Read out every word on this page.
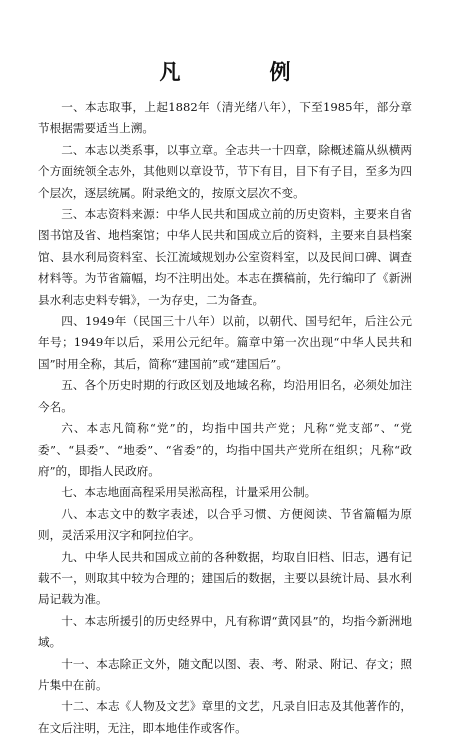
凡　例

一、本志取事，上起1882年（清光绪八年），下至1985年，部分章节根据需要适当上溯。

二、本志以类系事，以事立章。全志共一十四章，除概述篇从纵横两个方面统领全志外，其他则以章设节，节下有目，目下有子目，至多为四个层次，逐层统属。附录绝文的，按原文层次不变。

三、本志资料来源：中华人民共和国成立前的历史资料，主要来自省图书馆及省、地档案馆；中华人民共和国成立后的资料，主要来自县档案馆、县水利局资料室、长江流域规划办公室资料室，以及民间口碑、调查材料等。为节省篇幅，均不注明出处。本志在撰稿前，先行编印了《新洲县水利志史料专辑》，一为存史，二为备查。

四、1949年（民国三十八年）以前，以朝代、国号纪年，后注公元年号；1949年以后，采用公元纪年。篇章中第一次出现“中华人民共和国”时用全称，其后，简称“建国前”或“建国后”。

五、各个历史时期的行政区划及地域名称，均沿用旧名，必须处加注今名。

六、本志凡简称“党”的，均指中国共产党；凡称“党支部”、“党委”、“县委”、“地委”、“省委”的，均指中国共产党所在组织；凡称“政府”的，即指人民政府。

七、本志地面高程采用吴淞高程，计量采用公制。

八、本志文中的数字表述，以合乎习惯、方便阅读、节省篇幅为原则，灵活采用汉字和阿拉伯字。

九、中华人民共和国成立前的各种数据，均取自旧档、旧志，遇有记载不一，则取其中较为合理的；建国后的数据，主要以县统计局、县水利局记载为准。

十、本志所援引的历史经界中，凡有称谓“黄冈县”的，均指今新洲地域。

十一、本志除正文外，随文配以图、表、考、附录、附记、存文；照片集中在前。

十二、本志《人物及文艺》章里的文艺，凡录自旧志及其他著作的，在文后注明，无注，即本地佳作或客作。
